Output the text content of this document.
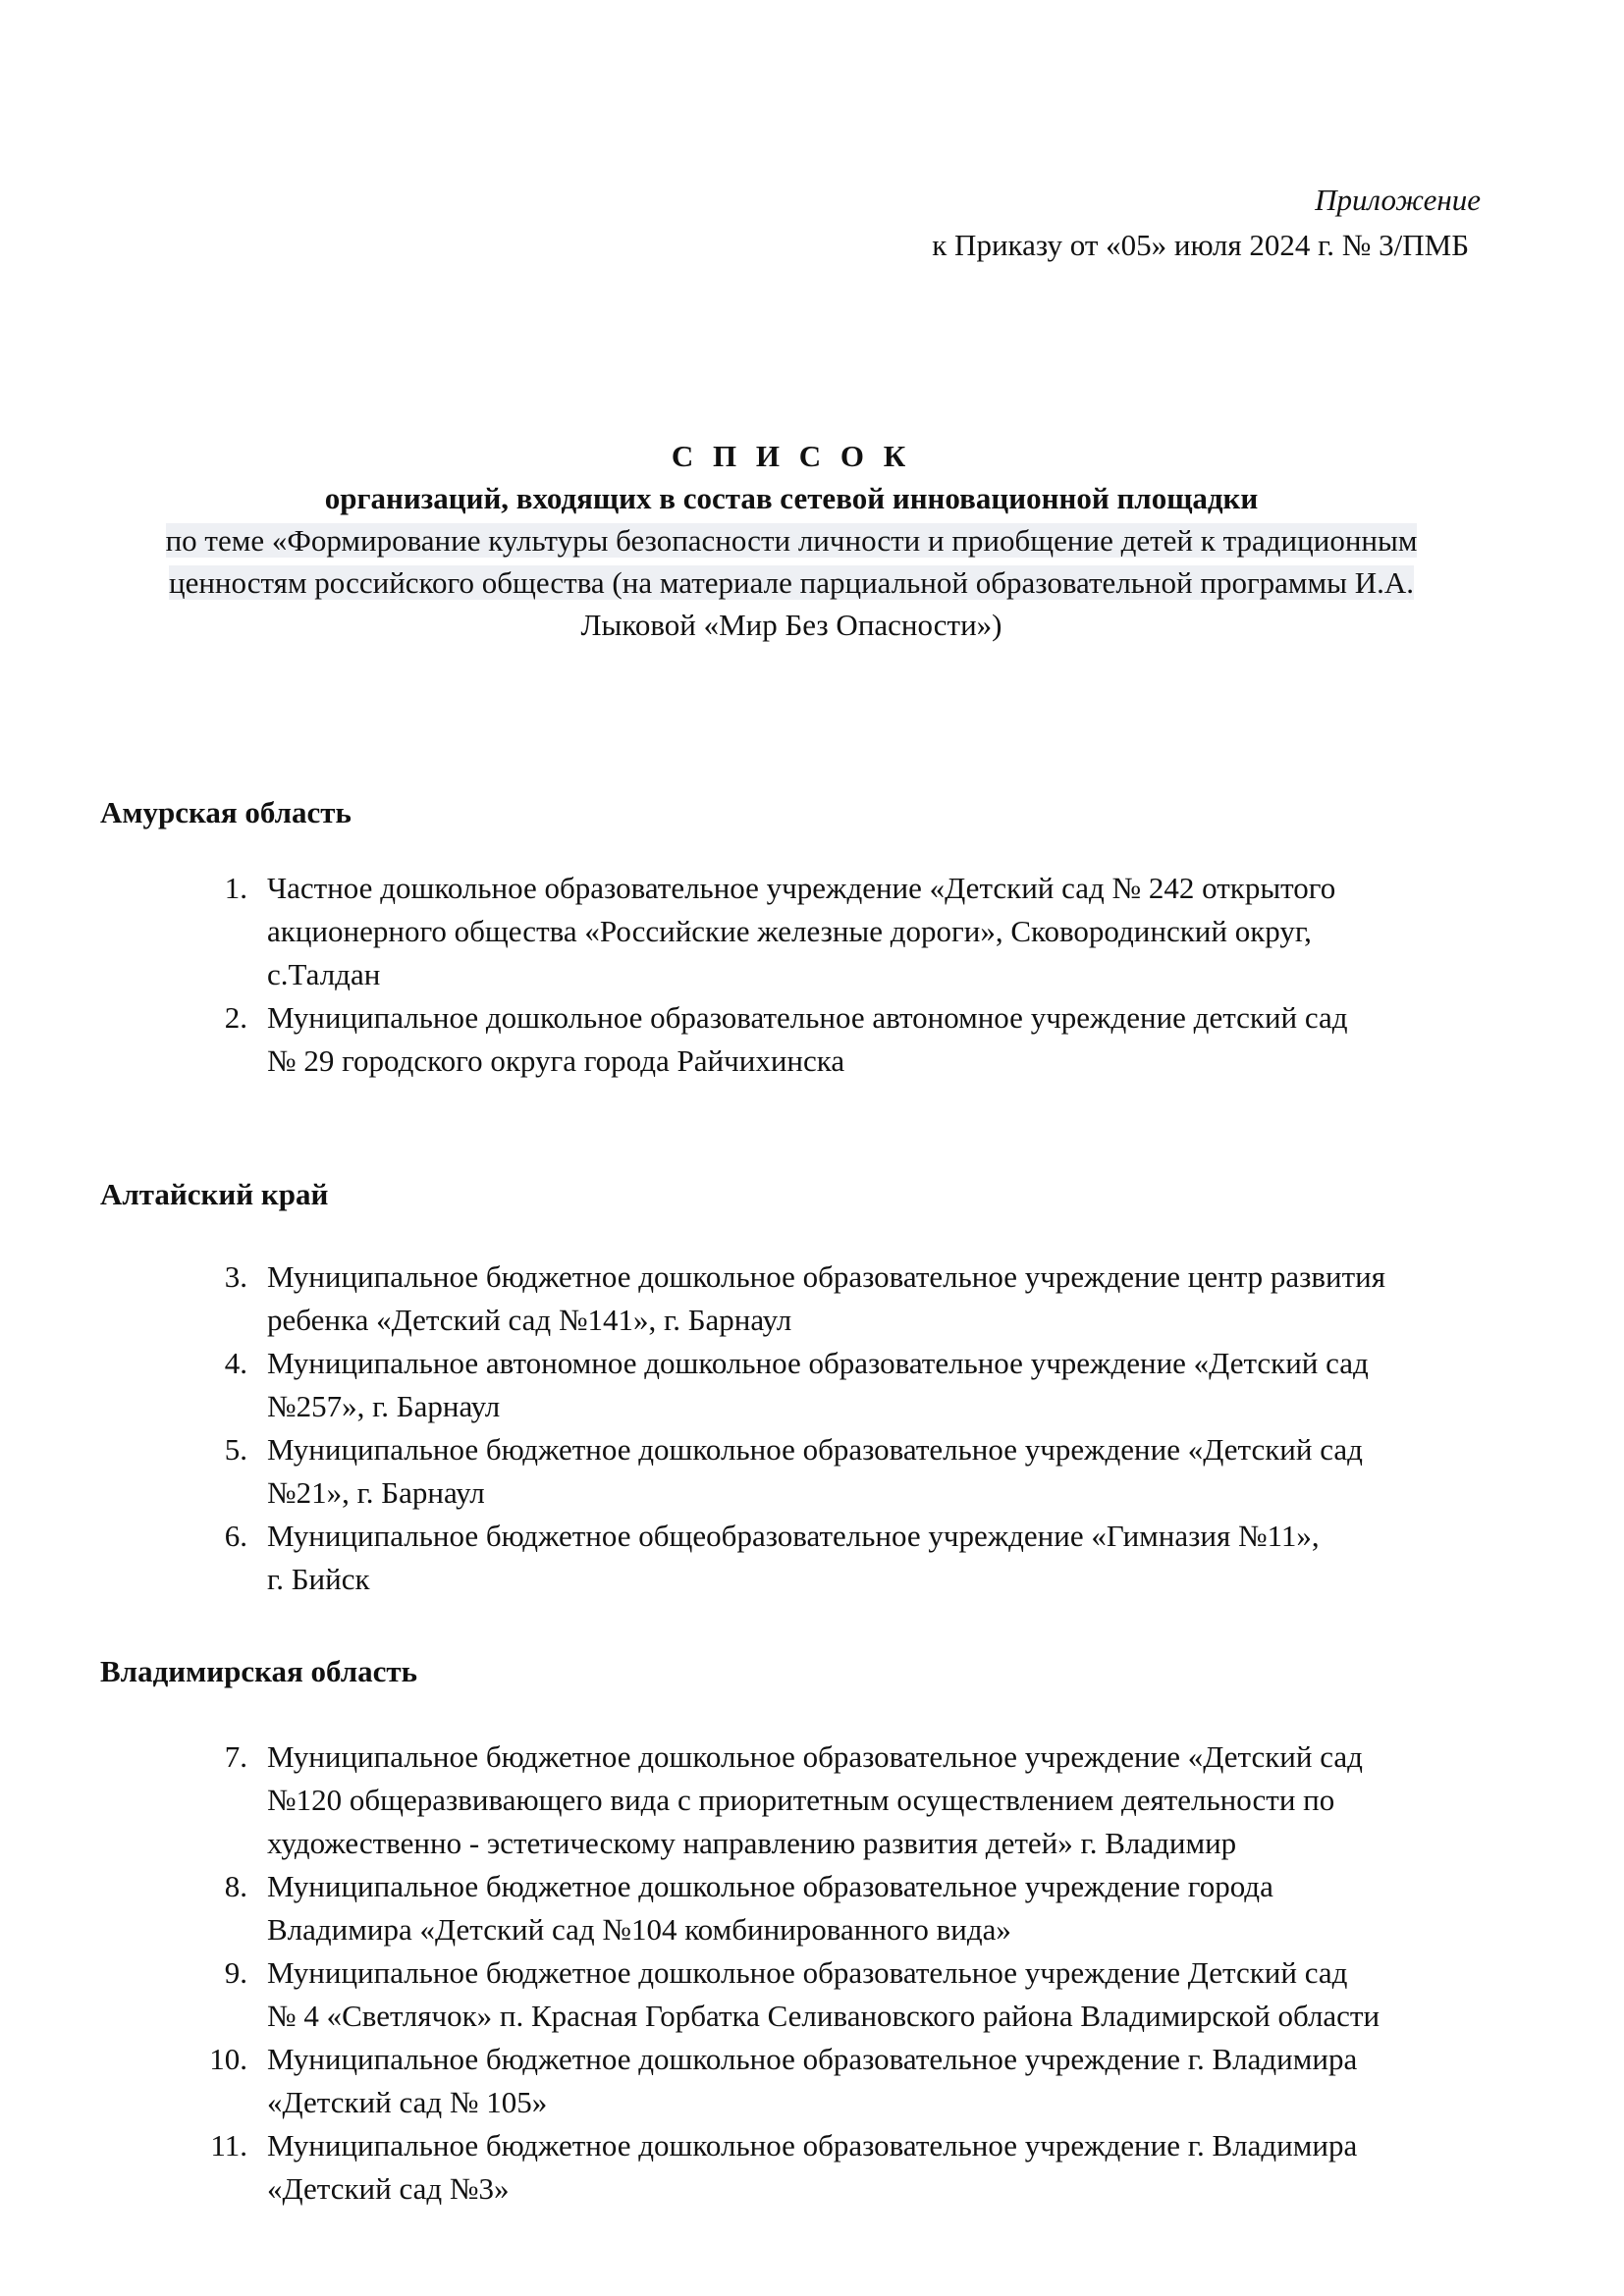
Приложение
к Приказу от «05» июля 2024 г. № 3/ПМБ
С П И С О К
организаций, входящих в состав сетевой инновационной площадки
по теме «Формирование культуры безопасности личности и приобщение детей к традиционным
ценностям российского общества (на материале парциальной образовательной программы И.А.
Лыковой «Мир Без Опасности»)
Амурская область
1. Частное дошкольное образовательное учреждение «Детский сад № 242 открытого
акционерного общества «Российские железные дороги», Сковородинский округ,
с.Талдан
2. Муниципальное дошкольное образовательное автономное учреждение детский сад
№ 29 городского округа города Райчихинска
Алтайский край
3. Муниципальное бюджетное дошкольное образовательное учреждение центр развития
ребенка «Детский сад №141», г. Барнаул
4. Муниципальное автономное дошкольное образовательное учреждение «Детский сад
№257», г. Барнаул
5. Муниципальное бюджетное дошкольное образовательное учреждение «Детский сад
№21», г. Барнаул
6. Муниципальное бюджетное общеобразовательное учреждение «Гимназия №11»,
г. Бийск
Владимирская область
7. Муниципальное бюджетное дошкольное образовательное учреждение «Детский сад
№120 общеразвивающего вида с приоритетным осуществлением деятельности по
художественно - эстетическому направлению развития детей» г. Владимир
8. Муниципальное бюджетное дошкольное образовательное учреждение города
Владимира «Детский сад №104 комбинированного вида»
9. Муниципальное бюджетное дошкольное образовательное учреждение Детский сад
№ 4 «Светлячок» п. Красная Горбатка Селивановского района Владимирской области
10. Муниципальное бюджетное дошкольное образовательное учреждение г. Владимира
«Детский сад № 105»
11. Муниципальное бюджетное дошкольное образовательное учреждение г. Владимира
«Детский сад №3»
